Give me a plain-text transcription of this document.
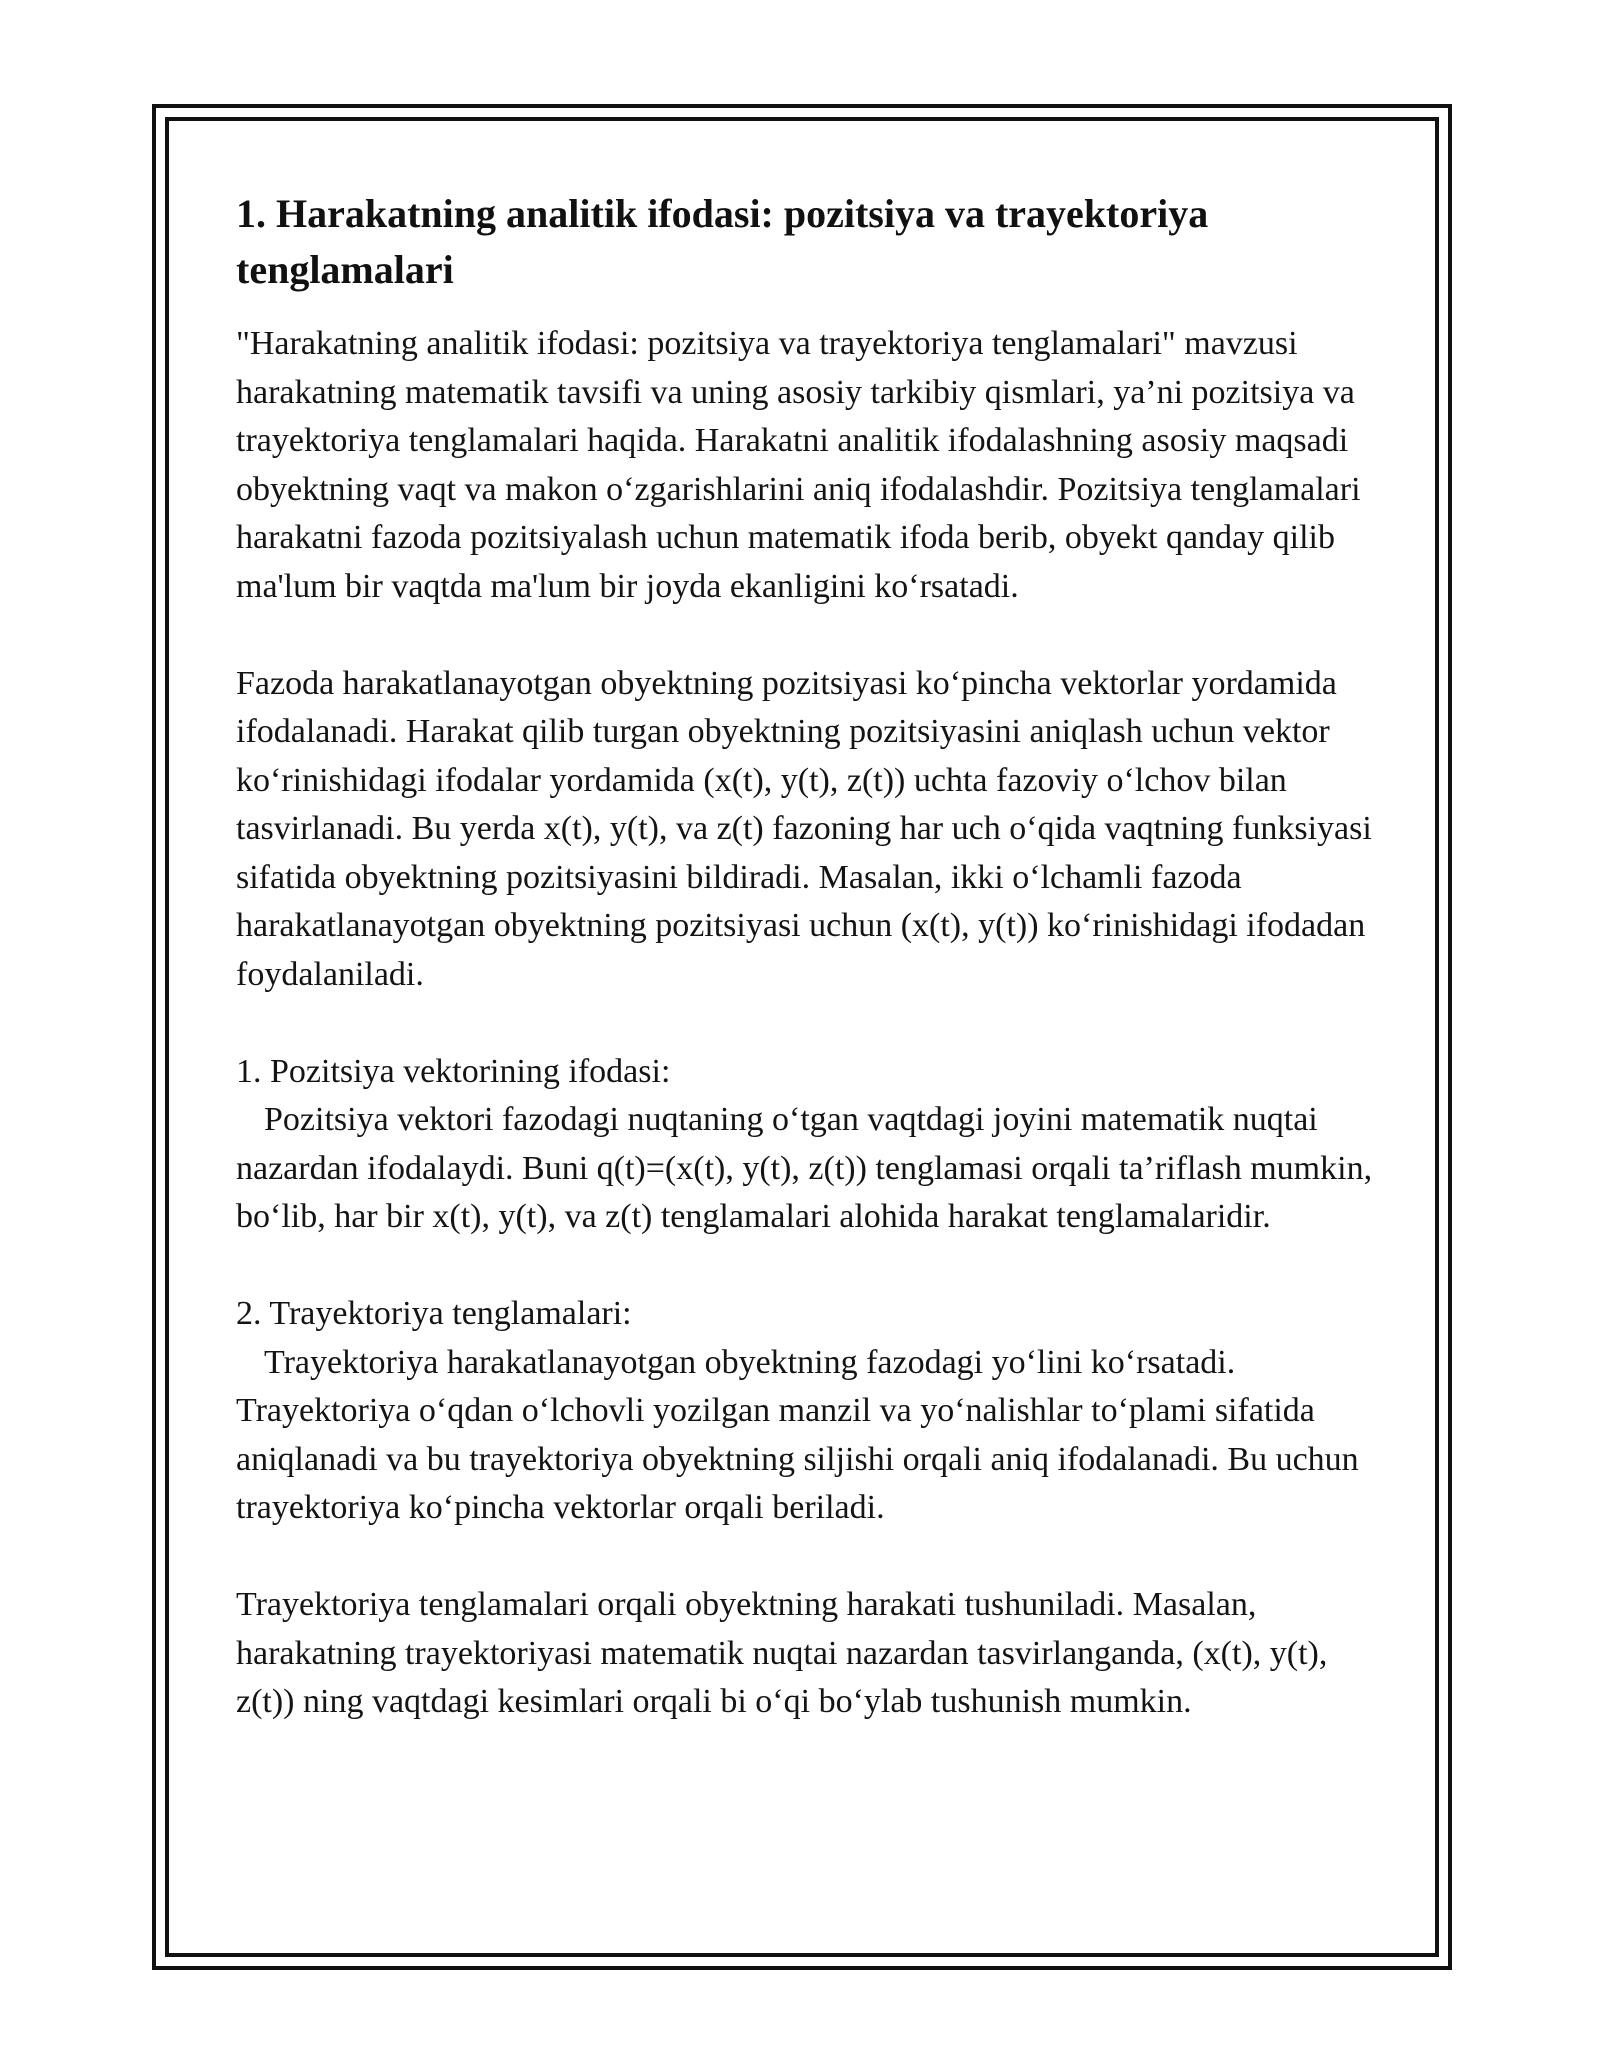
1. Harakatning analitik ifodasi: pozitsiya va trayektoriya tenglamalari

"Harakatning analitik ifodasi: pozitsiya va trayektoriya tenglamalari" mavzusi harakatning matematik tavsifi va uning asosiy tarkibiy qismlari, ya’ni pozitsiya va trayektoriya tenglamalari haqida. Harakatni analitik ifodalashning asosiy maqsadi obyektning vaqt va makon o‘zgarishlarini aniq ifodalashdir. Pozitsiya tenglamalari harakatni fazoda pozitsiyalash uchun matematik ifoda berib, obyekt qanday qilib ma'lum bir vaqtda ma'lum bir joyda ekanligini ko‘rsatadi.

Fazoda harakatlanayotgan obyektning pozitsiyasi ko‘pincha vektorlar yordamida ifodalanadi. Harakat qilib turgan obyektning pozitsiyasini aniqlash uchun vektor ko‘rinishidagi ifodalar yordamida (x(t), y(t), z(t)) uchta fazoviy o‘lchov bilan tasvirlanadi. Bu yerda x(t), y(t), va z(t) fazoning har uch o‘qida vaqtning funksiyasi sifatida obyektning pozitsiyasini bildiradi. Masalan, ikki o‘lchamli fazoda harakatlanayotgan obyektning pozitsiyasi uchun (x(t), y(t)) ko‘rinishidagi ifodadan foydalaniladi.

1. Pozitsiya vektorining ifodasi:
Pozitsiya vektori fazodagi nuqtaning o‘tgan vaqtdagi joyini matematik nuqtai nazardan ifodalaydi. Buni q(t)=(x(t), y(t), z(t)) tenglamasi orqali ta’riflash mumkin, bo‘lib, har bir x(t), y(t), va z(t) tenglamalari alohida harakat tenglamalaridir.
2. Trayektoriya tenglamalari:
Trayektoriya harakatlanayotgan obyektning fazodagi yo‘lini ko‘rsatadi. Trayektoriya o‘qdan o‘lchovli yozilgan manzil va yo‘nalishlar to‘plami sifatida aniqlanadi va bu trayektoriya obyektning siljishi orqali aniq ifodalanadi. Bu uchun trayektoriya ko‘pincha vektorlar orqali beriladi.

Trayektoriya tenglamalari orqali obyektning harakati tushuniladi. Masalan, harakatning trayektoriyasi matematik nuqtai nazardan tasvirlanganda, (x(t), y(t), z(t)) ning vaqtdagi kesimlari orqali bi o‘qi bo‘ylab tushunish mumkin.
